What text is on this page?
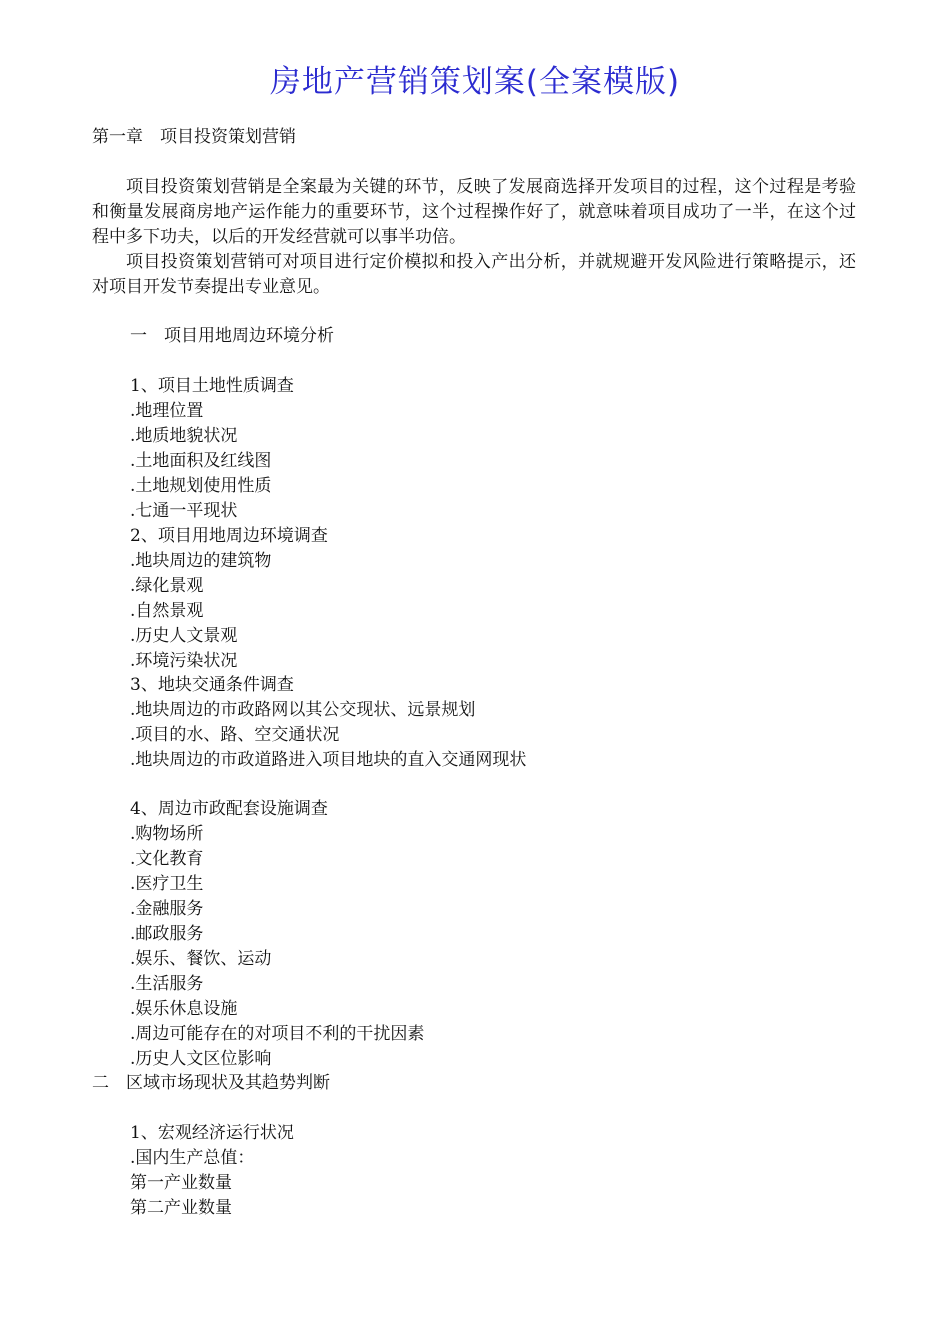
房地产营销策划案(全案模版)
第一章　项目投资策划营销

项目投资策划营销是全案最为关键的环节，反映了发展商选择开发项目的过程，这个过程是考验和衡量发展商房地产运作能力的重要环节，这个过程操作好了，就意味着项目成功了一半，在这个过程中多下功夫，以后的开发经营就可以事半功倍。

项目投资策划营销可对项目进行定价模拟和投入产出分析，并就规避开发风险进行策略提示，还对项目开发节奏提出专业意见。

一　项目用地周边环境分析
1、项目土地性质调查
.地理位置
.地质地貌状况
.土地面积及红线图
.土地规划使用性质
.七通一平现状
2、项目用地周边环境调查
.地块周边的建筑物
.绿化景观
.自然景观
.历史人文景观
.环境污染状况
3、地块交通条件调查
.地块周边的市政路网以其公交现状、远景规划
.项目的水、路、空交通状况
.地块周边的市政道路进入项目地块的直入交通网现状
4、周边市政配套设施调查
.购物场所
.文化教育
.医疗卫生
.金融服务
.邮政服务
.娱乐、餐饮、运动
.生活服务
.娱乐休息设施
.周边可能存在的对项目不利的干扰因素
.历史人文区位影响
二　区域市场现状及其趋势判断
1、宏观经济运行状况
.国内生产总值：
第一产业数量
第二产业数量
